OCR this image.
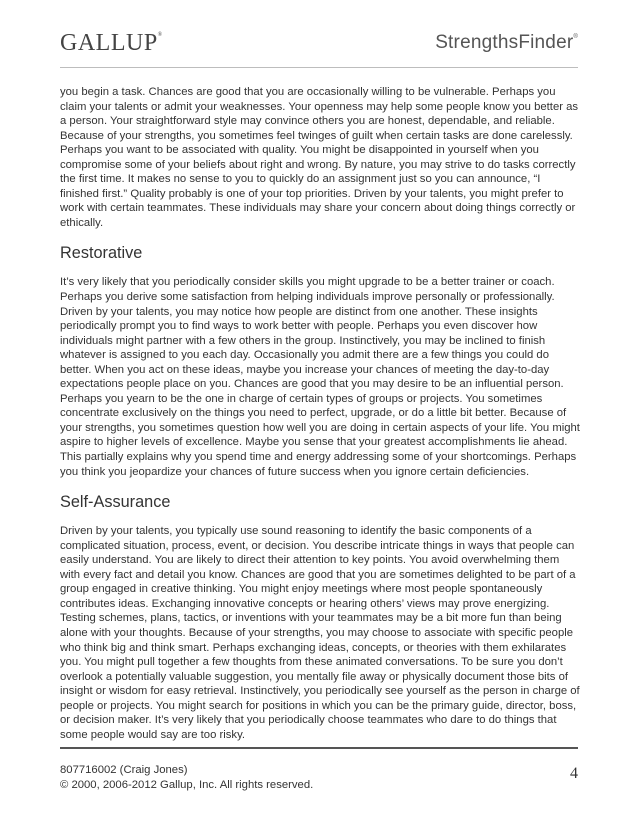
GALLUP®	StrengthsFinder®

you begin a task. Chances are good that you are occasionally willing to be vulnerable. Perhaps you claim your talents or admit your weaknesses. Your openness may help some people know you better as a person. Your straightforward style may convince others you are honest, dependable, and reliable. Because of your strengths, you sometimes feel twinges of guilt when certain tasks are done carelessly. Perhaps you want to be associated with quality. You might be disappointed in yourself when you compromise some of your beliefs about right and wrong. By nature, you may strive to do tasks correctly the first time. It makes no sense to you to quickly do an assignment just so you can announce, “I finished first.” Quality probably is one of your top priorities. Driven by your talents, you might prefer to work with certain teammates. These individuals may share your concern about doing things correctly or ethically.

Restorative

It’s very likely that you periodically consider skills you might upgrade to be a better trainer or coach. Perhaps you derive some satisfaction from helping individuals improve personally or professionally. Driven by your talents, you may notice how people are distinct from one another. These insights periodically prompt you to find ways to work better with people. Perhaps you even discover how individuals might partner with a few others in the group. Instinctively, you may be inclined to finish whatever is assigned to you each day. Occasionally you admit there are a few things you could do better. When you act on these ideas, maybe you increase your chances of meeting the day-to-day expectations people place on you. Chances are good that you may desire to be an influential person. Perhaps you yearn to be the one in charge of certain types of groups or projects. You sometimes concentrate exclusively on the things you need to perfect, upgrade, or do a little bit better. Because of your strengths, you sometimes question how well you are doing in certain aspects of your life. You might aspire to higher levels of excellence. Maybe you sense that your greatest accomplishments lie ahead. This partially explains why you spend time and energy addressing some of your shortcomings. Perhaps you think you jeopardize your chances of future success when you ignore certain deficiencies.

Self-Assurance

Driven by your talents, you typically use sound reasoning to identify the basic components of a complicated situation, process, event, or decision. You describe intricate things in ways that people can easily understand. You are likely to direct their attention to key points. You avoid overwhelming them with every fact and detail you know. Chances are good that you are sometimes delighted to be part of a group engaged in creative thinking. You might enjoy meetings where most people spontaneously contributes ideas. Exchanging innovative concepts or hearing others’ views may prove energizing. Testing schemes, plans, tactics, or inventions with your teammates may be a bit more fun than being alone with your thoughts. Because of your strengths, you may choose to associate with specific people who think big and think smart. Perhaps exchanging ideas, concepts, or theories with them exhilarates you. You might pull together a few thoughts from these animated conversations. To be sure you don’t overlook a potentially valuable suggestion, you mentally file away or physically document those bits of insight or wisdom for easy retrieval. Instinctively, you periodically see yourself as the person in charge of people or projects. You might search for positions in which you can be the primary guide, director, boss, or decision maker. It’s very likely that you periodically choose teammates who dare to do things that some people would say are too risky.

807716002 (Craig Jones)
© 2000, 2006-2012 Gallup, Inc. All rights reserved.
4
